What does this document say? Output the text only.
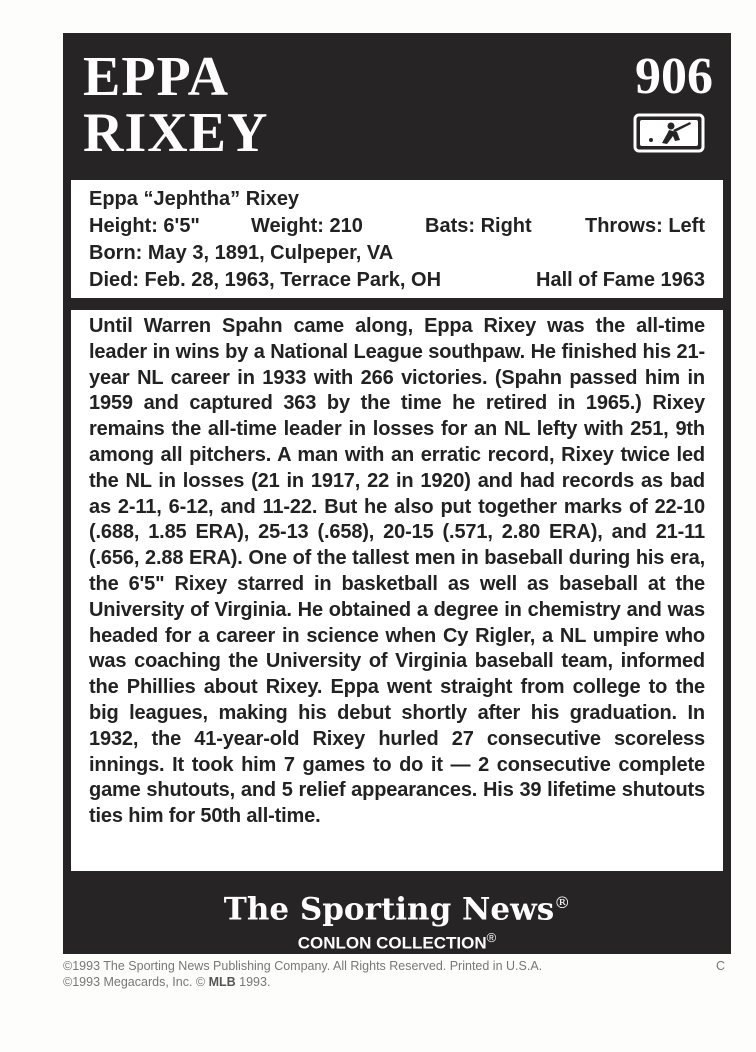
EPPA
RIXEY
906
Eppa “Jephtha” Rixey
Height: 6'5"	Weight: 210	Bats: Right	Throws: Left
Born: May 3, 1891, Culpeper, VA
Died: Feb. 28, 1963, Terrace Park, OH	Hall of Fame 1963

Until Warren Spahn came along, Eppa Rixey was the all-time leader in wins by a National League southpaw. He finished his 21-year NL career in 1933 with 266 victories. (Spahn passed him in 1959 and captured 363 by the time he retired in 1965.) Rixey remains the all-time leader in losses for an NL lefty with 251, 9th among all pitchers. A man with an erratic record, Rixey twice led the NL in losses (21 in 1917, 22 in 1920) and had records as bad as 2-11, 6-12, and 11-22. But he also put together marks of 22-10 (.688, 1.85 ERA), 25-13 (.658), 20-15 (.571, 2.80 ERA), and 21-11 (.656, 2.88 ERA). One of the tallest men in baseball during his era, the 6'5" Rixey starred in basketball as well as baseball at the University of Virginia. He obtained a degree in chemistry and was headed for a career in science when Cy Rigler, a NL umpire who was coaching the University of Virginia baseball team, informed the Phillies about Rixey. Eppa went straight from college to the big leagues, making his debut shortly after his graduation. In 1932, the 41-year-old Rixey hurled 27 consecutive scoreless innings. It took him 7 games to do it — 2 consecutive complete game shutouts, and 5 relief appearances. His 39 lifetime shutouts ties him for 50th all-time.

The Sporting News®
CONLON COLLECTION®
©1993 The Sporting News Publishing Company. All Rights Reserved. Printed in U.S.A.
©1993 Megacards, Inc. © MLB 1993.
C
